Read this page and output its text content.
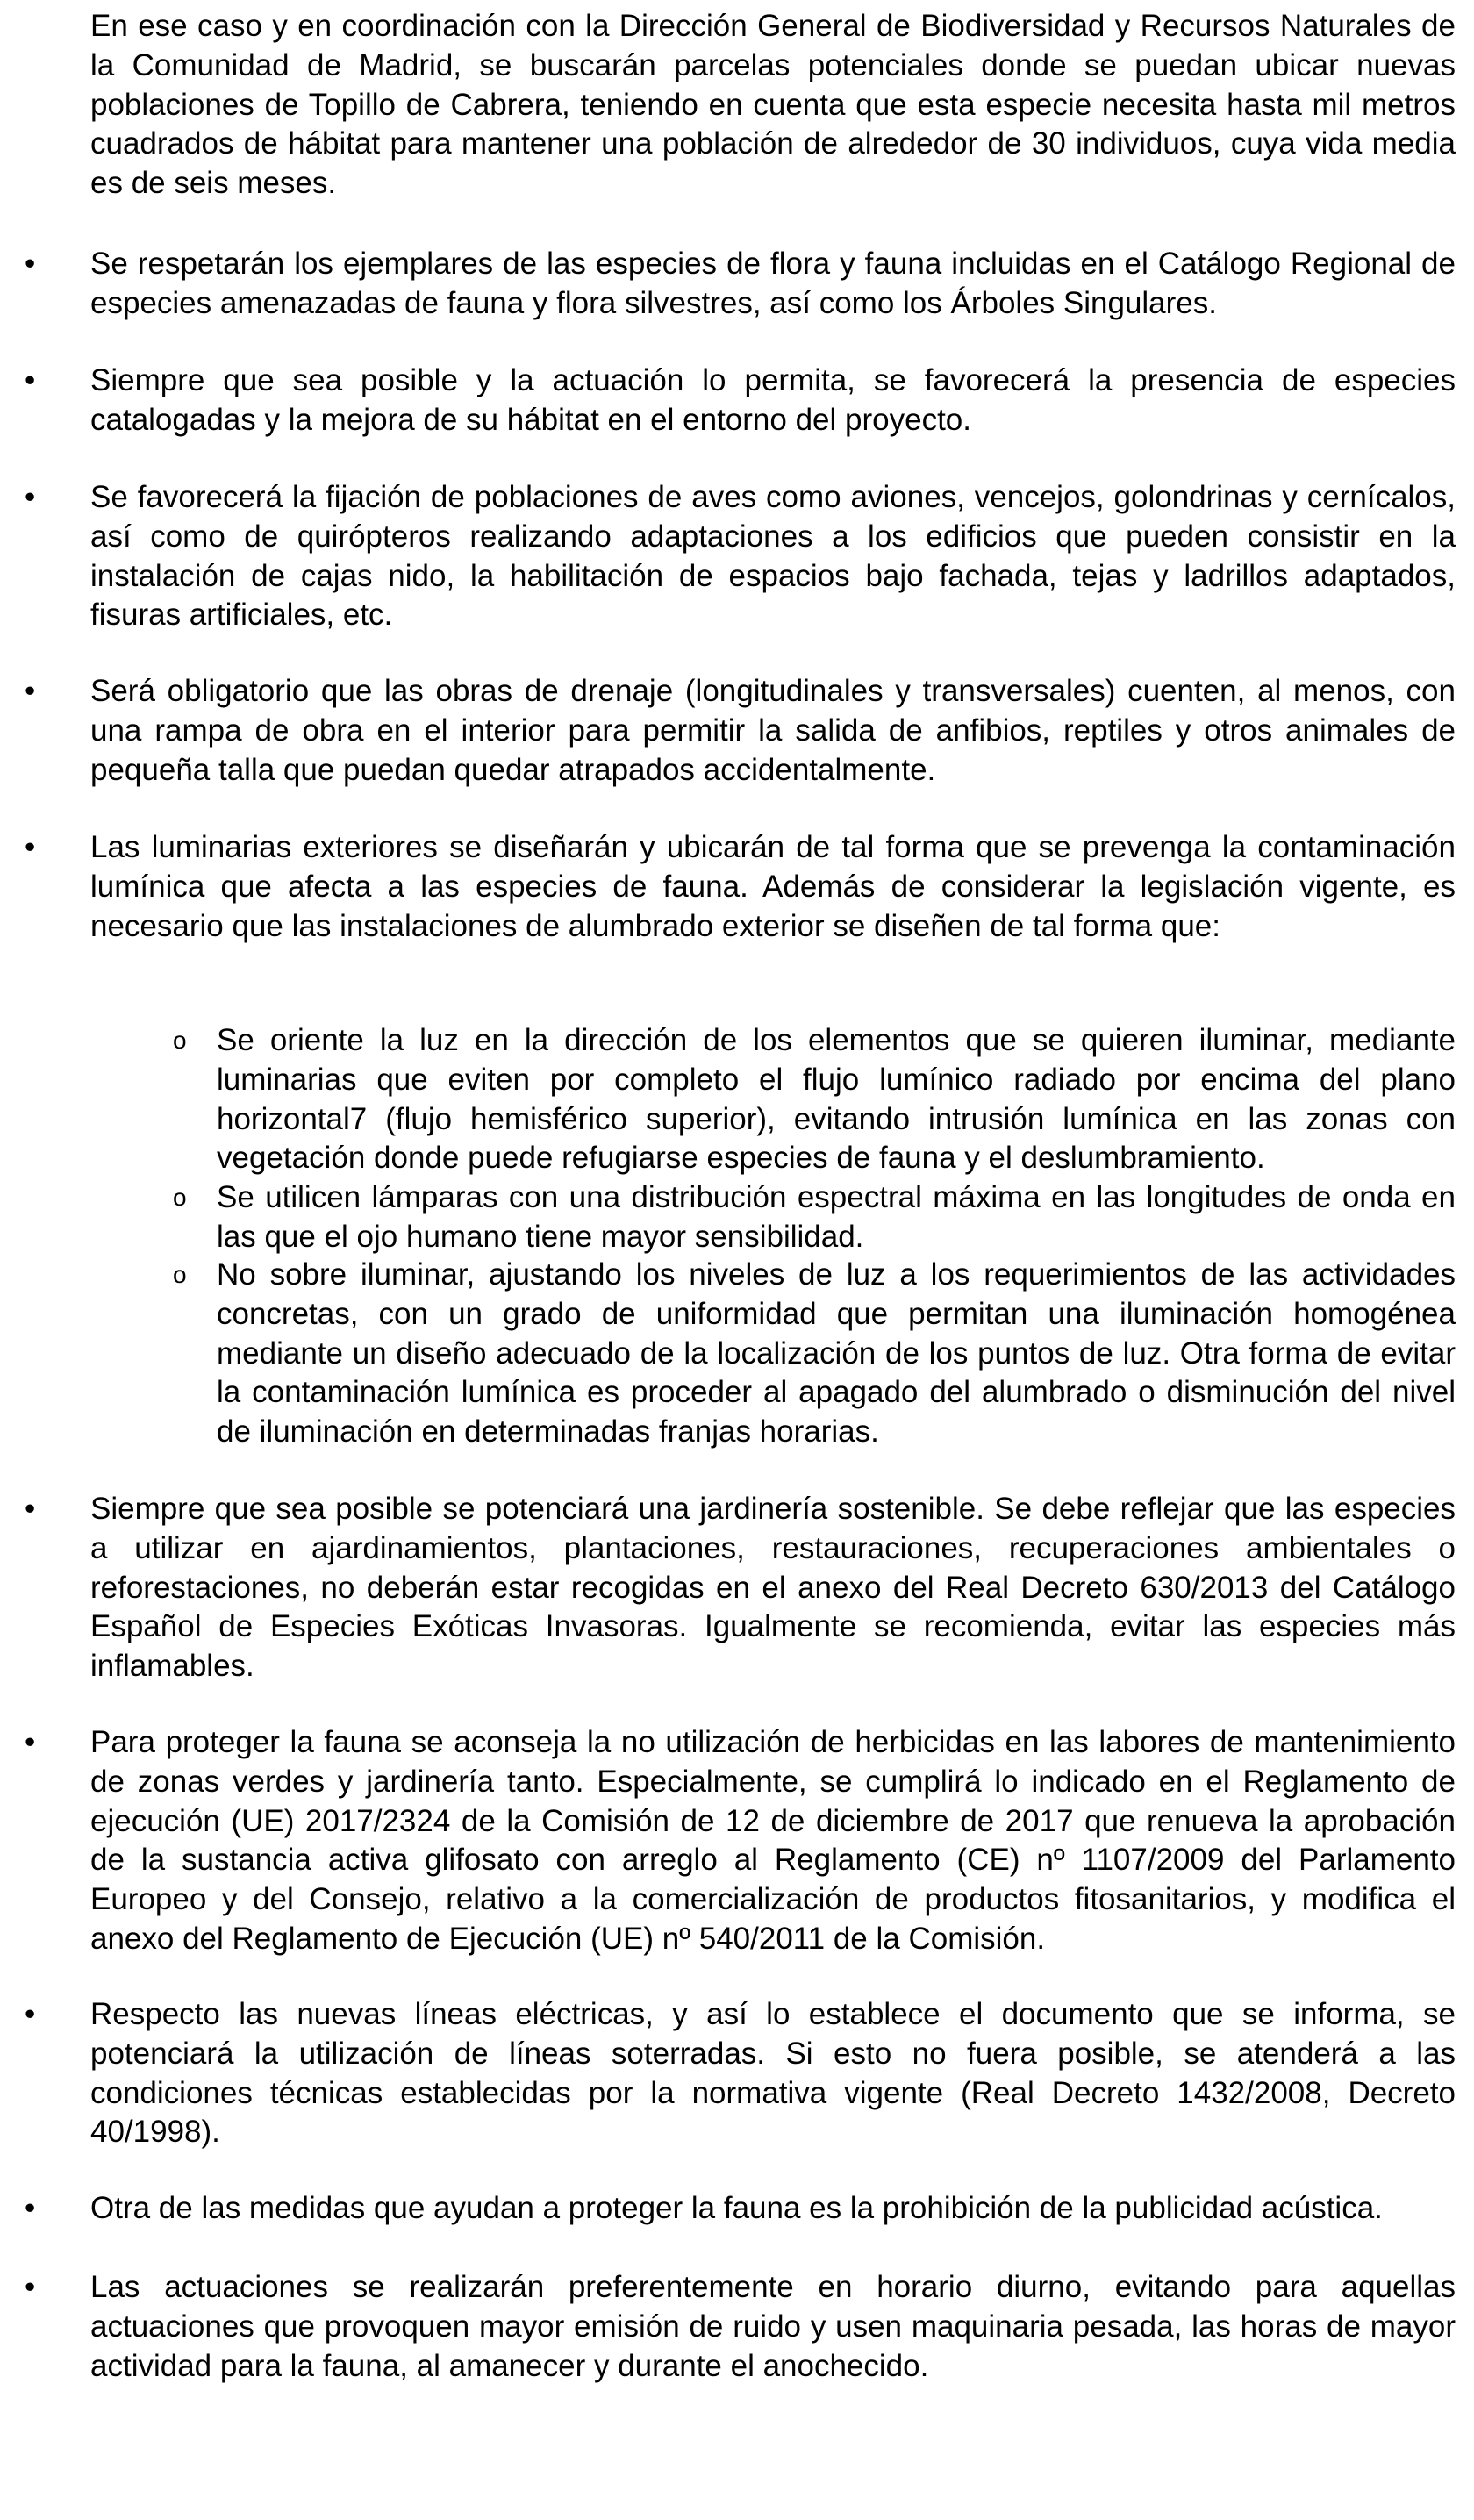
En ese caso y en coordinación con la Dirección General de Biodiversidad y Recursos Naturales de la Comunidad de Madrid, se buscarán parcelas potenciales donde se puedan ubicar nuevas poblaciones de Topillo de Cabrera, teniendo en cuenta que esta especie necesita hasta mil metros cuadrados de hábitat para mantener una población de alrededor de 30 individuos, cuya vida media es de seis meses.

•	Se respetarán los ejemplares de las especies de flora y fauna incluidas en el Catálogo Regional de especies amenazadas de fauna y flora silvestres, así como los Árboles Singulares.

•	Siempre que sea posible y la actuación lo permita, se favorecerá la presencia de especies catalogadas y la mejora de su hábitat en el entorno del proyecto.

•	Se favorecerá la fijación de poblaciones de aves como aviones, vencejos, golondrinas y cernícalos, así como de quirópteros realizando adaptaciones a los edificios que pueden consistir en la instalación de cajas nido, la habilitación de espacios bajo fachada, tejas y ladrillos adaptados, fisuras artificiales, etc.

•	Será obligatorio que las obras de drenaje (longitudinales y transversales) cuenten, al menos, con una rampa de obra en el interior para permitir la salida de anfibios, reptiles y otros animales de pequeña talla que puedan quedar atrapados accidentalmente.

•	Las luminarias exteriores se diseñarán y ubicarán de tal forma que se prevenga la contaminación lumínica que afecta a las especies de fauna. Además de considerar la legislación vigente, es necesario que las instalaciones de alumbrado exterior se diseñen de tal forma que:

o Se oriente la luz en la dirección de los elementos que se quieren iluminar, mediante luminarias que eviten por completo el flujo lumínico radiado por encima del plano horizontal7 (flujo hemisférico superior), evitando intrusión lumínica en las zonas con vegetación donde puede refugiarse especies de fauna y el deslumbramiento.

o Se utilicen lámparas con una distribución espectral máxima en las longitudes de onda en las que el ojo humano tiene mayor sensibilidad.

o No sobre iluminar, ajustando los niveles de luz a los requerimientos de las actividades concretas, con un grado de uniformidad que permitan una iluminación homogénea mediante un diseño adecuado de la localización de los puntos de luz. Otra forma de evitar la contaminación lumínica es proceder al apagado del alumbrado o disminución del nivel de iluminación en determinadas franjas horarias.

•	Siempre que sea posible se potenciará una jardinería sostenible. Se debe reflejar que las especies a utilizar en ajardinamientos, plantaciones, restauraciones, recuperaciones ambientales o reforestaciones, no deberán estar recogidas en el anexo del Real Decreto 630/2013 del Catálogo Español de Especies Exóticas Invasoras. Igualmente se recomienda, evitar las especies más inflamables.

•	Para proteger la fauna se aconseja la no utilización de herbicidas en las labores de mantenimiento de zonas verdes y jardinería tanto. Especialmente, se cumplirá lo indicado en el Reglamento de ejecución (UE) 2017/2324 de la Comisión de 12 de diciembre de 2017 que renueva la aprobación de la sustancia activa glifosato con arreglo al Reglamento (CE) nº 1107/2009 del Parlamento Europeo y del Consejo, relativo a la comercialización de productos fitosanitarios, y modifica el anexo del Reglamento de Ejecución (UE) nº 540/2011 de la Comisión.

•	Respecto las nuevas líneas eléctricas, y así lo establece el documento que se informa, se potenciará la utilización de líneas soterradas. Si esto no fuera posible, se atenderá a las condiciones técnicas establecidas por la normativa vigente (Real Decreto 1432/2008, Decreto 40/1998).

•	Otra de las medidas que ayudan a proteger la fauna es la prohibición de la publicidad acústica.

•	Las actuaciones se realizarán preferentemente en horario diurno, evitando para aquellas actuaciones que provoquen mayor emisión de ruido y usen maquinaria pesada, las horas de mayor actividad para la fauna, al amanecer y durante el anochecido.
